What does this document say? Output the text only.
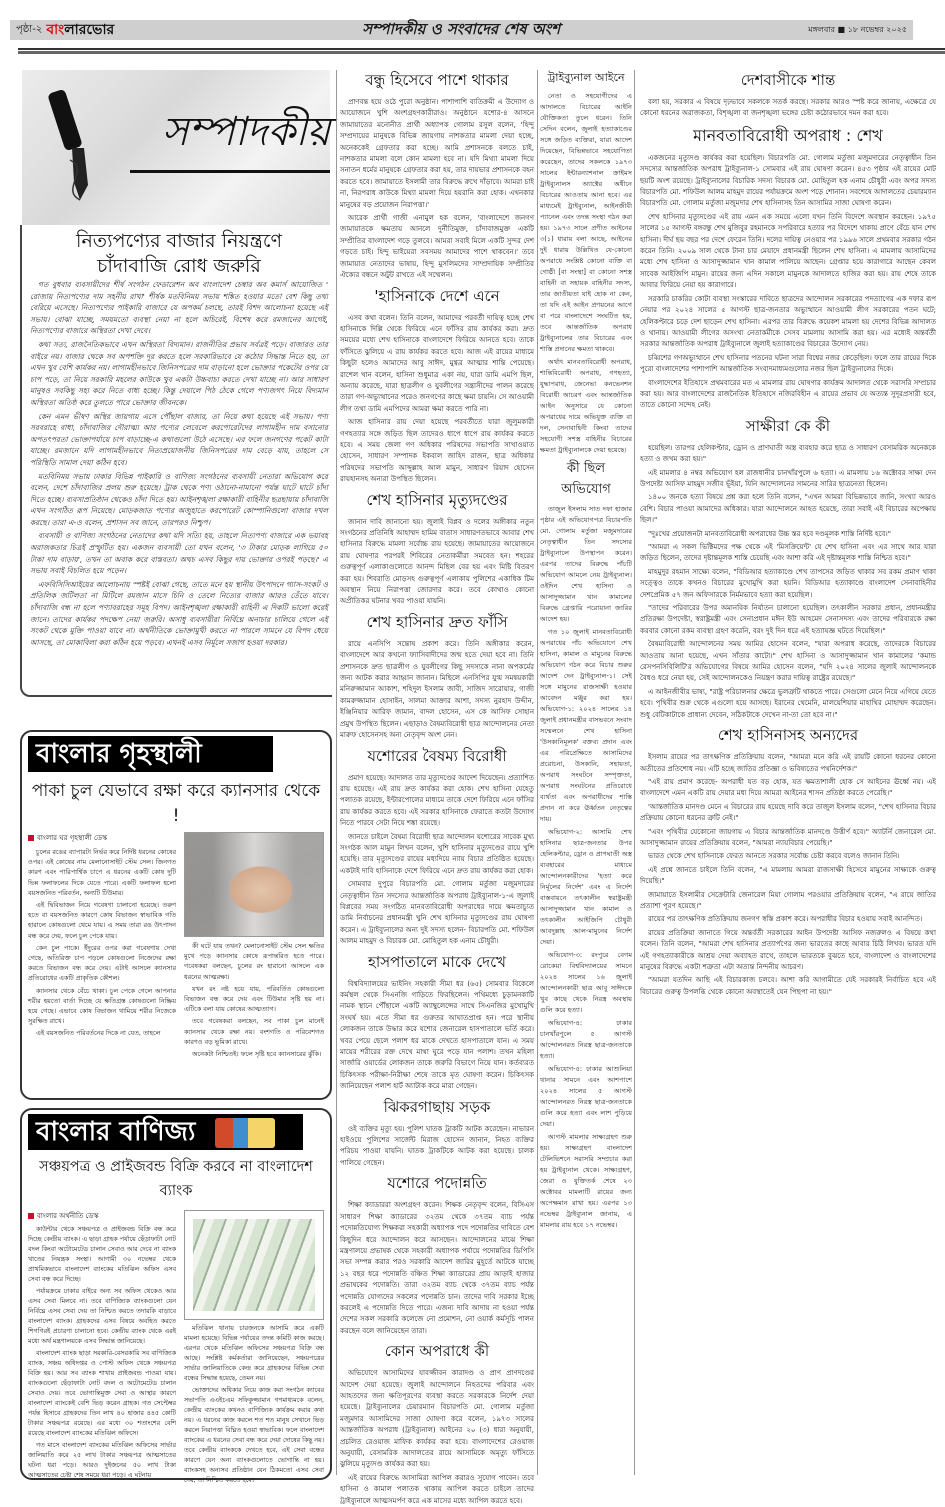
পৃষ্ঠা-২ বাংলারভোর	সম্পাদকীয় ও সংবাদের শেষ অংশ	মঙ্গলবার ■ ১৮ নভেম্বর ২০২৫
সম্পাদকীয়
নিত্যপণ্যের বাজার নিয়ন্ত্রণে
চাঁদাবাজি রোধ জরুরি

গত বুধবার ব্যবসায়ীদের শীর্ষ সংগঠন ফেডারেশন অব বাংলাদেশ চেম্বার অব কমার্স আয়োজিত ' রোজায় নিত্যপণ্যের দাম সহনীয় রাখা' শীর্ষক মতবিনিময় সভায় শঙ্কিত হওয়ার মতো বেশ কিছু তথ্য বেরিয়ে এসেছে। নিত্যপণ্যের পাইকারি বাজারে যে অপকর্ম চলছে, তারই বিশদ আলোচনা হয়েছে এই সভায়। বোঝা যাচ্ছে, সময়মতো ব্যবস্থা নেয়া না হলে অচিরেই, বিশেষ করে রমজানের আগেই, নিত্যপণ্যের বাজারে অস্থিরতা দেখা দেবে।

কথা সত্য, রাজনৈতিকভাবে এখন অস্থিরতা বিদ্যমান। রাজনীতির প্রভাব সর্বত্রই পড়ে। বাজারও তার বাইরে নয়। বাজার থেকে সব অপশক্তি দূর করতে হলে সরকারিভাবে যে কঠোর সিদ্ধান্ত নিতে হয়, তা এখন খুব বেশি কার্যকর নয়। লাগামহীনভাবে জিনিসপত্রের দাম বাড়ানো হলে ভোক্তার পকেটের ওপর যে চাপ পড়ে, তা নিয়ে সরকারি মহলের কাউকে খুব একটা উচ্চবাচ্য করতে দেখা যাচ্ছে না। আর সাধারণ মানুষও সবকিছু সহ্য করে নিতে বাধ্য হচ্ছে। কিন্তু দেয়ালে পিঠ ঠেকে গেলে পণ্যজগৎ নিয়ে বিদ্যমান অস্থিরতা অতিষ্ঠ করে তুলতে পারে ভোক্তার জীবনকে।

কেন এমন ভীষণ অস্থির জায়গায় এসে পৌঁছাল বাজার, তা নিয়ে কথা হয়েছে এই সভায়। পণ্য সরবরাহে বাধা, চাঁদাবাজির দৌরাত্ম্য আর পণ্যের লেবেলে করপোরেটদের লাগামহীন দাম বসানোর অপতৎপরতা ভোক্তাপর্যায়ে চাপ বাড়াচ্ছে-এ কথাগুলো উঠে এসেছে। এর ফলে জনগণের পকেট কাটা যাচ্ছে। রমজানে যদি লাগামহীনভাবে নিত্যপ্রয়োজনীয় জিনিসপত্রের দাম বেড়ে যায়, তাহলে সে পরিস্থিতি সামাল দেয়া কঠিন হবে।

মতবিনিময় সভায় ঢাকার বিভিন্ন পাইকারি ও বাণিজ্য সংগঠনের ব্যবসায়ী নেতারা অভিযোগ করে বলেন, দেশে চাঁদাবাজির প্রলয় শুরু হয়েছে। ট্রাক থেকে পণ্য ওঠানো-নামানো পর্যন্ত ঘাটে ঘাটে চাঁদা দিতে হচ্ছে। ব্যবসাপ্রতিষ্ঠান থেকেও চাঁদা দিতে হয়। আইনশৃঙ্খলা রক্ষাকারী বাহিনীর ছত্রছায়ায় চাঁদাবাজি এখন সংগঠিত রূপ নিয়েছে। মোড়কজাত পণ্যের অজুহাতে করপোরেট কোম্পানিগুলো বাজার দখল করছে। তারা এ-ও বলেন, প্রশাসন সব জানে, তারপরও নিশ্চুপ।

ব্যবসায়ী ও বাণিজ্য সংগঠনের নেতাদের কথা যদি সত্যি হয়, তাহলে নিত্যপণ্য বাজারে এক ভয়াবহ অরাজকতার চিত্রই প্রস্ফুটিত হয়। একজন ব্যবসায়ী তো যখন বলেন, '৩ টাকার মোড়ক লাগিয়ে ৫০ টাকা দাম বাড়ায়', তখন তা অবাক করে বাস্তবতা। অথচ এসব কিছুর দায় ভোক্তার ওপরই পড়ছে।' এ সভায় সবাই বিচলিত হয়ে পড়েন।

এফবিসিসিআইয়ের আলোচনায় স্পষ্টই বোঝা গেছে, তাতে মনে হয় স্থানীয় উৎপাদনে গ্যাস-সংকট ও প্রতিলিক জটিলতা না মিটিলে রমজান মাসে চিনি ও তেলে নিত্যের বাজার আরও তেঁতে যাবে। চাঁদাবাজি বন্ধ না হলে পণ্যাবরাহের সমূহ বিপদ। আইনশৃঙ্খলা রক্ষাকারী বাহিনী এ দিকটি ভালো করেই জানে। তাদের কার্যকর পদক্ষেপ নেয়া জরুরি। অসাধু ব্যবসায়ীরা নির্বিঘ্নে অনাচার চালিয়ে গেলে এই সংকট থেকে মুক্তি পাওয়া যাবে না। অর্থনীতিকে ভোক্তামুখী করতে না পারলে সামনে যে বিপদ ধেয়ে আসছে, তা মোকাবিলা করা কঠিন হয়ে পড়বে। এখনই এসব নির্মূলে সজাগ হওয়া দরকার।

বাংলার গৃহস্থালী
পাকা চুল যেভাবে রক্ষা করে ক্যানসার থেকে !
বাংলার ঘর গৃহস্থালী ডেস্ক

চুলের রঙের ব্যাপারটা নির্ভর করে নির্দিষ্ট ধরনের কোষের ওপর। এই কোষের নাম মেলানোসাইট স্টেম সেল। জিনগত কারণ এবং পারিপার্শ্বিক চাপে এ ধরনের একটি কোষ দুটি ভিন্ন ফলাফলের দিকে যেতে পারে। একটি ফলাফল হলো বয়সজনিত পরিবর্তন, অন্যটি টিউমার।

এই দ্বিবিভাজন নিয়ে গবেষণা চালানো হয়েছে। তরুণ হতে বা বয়সজনিত কারণে কোষ বিভাজন স্বাভাবিক গতি হারালে কোষগুলো থেমে যায়। এ সময় তারা রঙ উৎপাদন বন্ধ করে দেয়, ফলে চুল পেকে যায়।

কেন চুল পাকে। ইঁদুরের ওপর করা গবেষণায় দেখা গেছে, অতিরিক্ত চাপ পড়লে কোষগুলো নিজেদের রক্ষা করতে বিভাজন বন্ধ করে দেয়। এটাই আসলে ক্যানসার প্রতিরোধের একটি প্রাকৃতিক কৌশল।

ক্যানসার থেকে বেঁচে থাকা। চুল পেকে গেলে আপনার শরীর হয়তো বার্তা দিচ্ছে যে ক্ষতিগ্রস্ত কোষগুলো নিষ্ক্রিয় হয়ে গেছে। এভাবে কোষ বিভাজন থামিয়ে শরীর নিজেকে সুরক্ষিত রাখে।

এই বয়সজনিত পরিবর্তনের দিকে না যেত, তাহলে

কী ঘটে যায় তখন? মেলানোসাইট স্টেম সেল ক্ষতির মুখে পড়ে ক্যানসার কোষে রূপান্তরিত হতে পারে। গবেষকরা বলছেন, চুলের রং হারানো আসলে এক ধরনের আত্মরক্ষা।

যখন রং নষ্ট হয়ে যায়, পরিবর্তিত কোষগুলো বিভাজন বন্ধ করে দেয় এবং টিউমার সৃষ্টি হয় না। এটিকে বলা যায় কোষের আত্মত্যাগ।

তবে গবেষকরা বলছেন, সব পাকা চুল মানেই ক্যানসার থেকে রক্ষা নয়। বংশগতি ও পরিবেশগত কারণও বড় ভূমিকা রাখে।

অনেকটা নিশ্চিতই। ফলে সৃষ্টি হবে ক্যানসারের ঝুঁকি।

বাংলার বাণিজ্য
সঞ্চয়পত্র ও প্রাইজবন্ড বিক্রি করবে না বাংলাদেশ ব্যাংক
বাংলার অর্থনীতি ডেস্ক

কাউন্টার থেকে সঞ্চয়পত্র ও প্রাইজবন্ড বিক্রি বন্ধ করে দিচ্ছে কেন্দ্রীয় ব্যাংক। এ ছাড়া গ্রাহক পর্যায়ে ছেঁড়াফাটা নোট বদল কিংবা অটোমেটেড চালান সেবাও আর দেবে না ব্যাংক খাতের নিয়ন্ত্রক সংস্থা। আগামী ৩০ নভেম্বর থেকে প্রাথমিকভাবে বাংলাদেশ ব্যাংকের মতিঝিল অফিস এসব সেবা বন্ধ করে দিচ্ছে।

পর্যায়ক্রমে ঢাকার বাইরে অন্য সব অফিস থেকেও আর এসব সেবা মিলবে না। তবে বাণিজ্যিক ব্যাংকগুলো যেন নির্বিঘ্নে এসব সেবা দেয় তা নিশ্চিত করতে তদারকি বাড়াবে বাংলাদেশ ব্যাংক। গ্রাহকদের এসব বিষয়ে অবহিত করতে শিগগিরই প্রচারণা চালানো হবে। কেন্দ্রীয় ব্যাংক থেকে এরই মধ্যে অর্থ মন্ত্রণালয়কে এসব সিদ্ধান্ত জানিয়েছে।

বাংলাদেশ ব্যাংক ছাড়া সরকারি-বেসরকারি সব বাণিজ্যিক ব্যাংক, সঞ্চয় অধিদপ্তর ও পোস্ট অফিস থেকে সঞ্চয়পত্র বিক্রি হয়। আর সব ব্যাংক শাখায় প্রাইজবন্ড পাওয়া যায়। ব্যাংকগুলো ছেঁড়াফাটা নোট বদল ও অটোমেটেড চালান সেবাও দেয়। তবে ভোগান্তিমুক্ত সেবা ও আস্থার কারণে বাংলাদেশ ব্যাংকেই বেশি ভিড় করেন গ্রাহক। গত সেপ্টেম্বর পর্যন্ত হিসাবে গ্রাহকদের তিন লাখ ৪০ হাজার ৪৪৫ কোটি টাকার সঞ্চয়পত্র রয়েছে। এর মধ্যে ৩০ শতাংশের বেশি রয়েছে বাংলাদেশ ব্যাংকের মতিঝিল অফিসে।

গত মাসে বাংলাদেশ ব্যাংকের মতিঝিল অফিসের সার্ভার জালিয়াতি করে ২৫ লাখ টাকার সঞ্চয়পত্র আত্মসাতের ঘটনা ধরা পড়ে। আরও দুইজনের ৫০ লাখ টাকা আত্মসাতের চেষ্টা শেষ সময়ে ধরা পড়ে। এ ঘটনায়

মতিঝিল থানায় চারজনকে আসামি করে একটি মামলা হয়েছে। বিভিন্ন পর্যায়ের তদন্ত কমিটি কাজ করছে। এরপর থেকে মতিঝিল অফিসের সঞ্চয়পত্র বিক্রি বন্ধ আছে। সংশ্লিষ্ট কর্মকর্তারা জানিয়েছেন, সঞ্চয়পত্রের সার্ভার জালিয়াতিকে কেন্দ্র করে গ্রাহকদের বিভিন্ন সেবা বন্ধের সিদ্ধান্ত হয়েছে, তেমন নয়।

ভোক্তাদের অধিকার নিয়ে কাজ করা সংগঠন ক্যাবের সভাপতি এএইচএম সফিকুজ্জামান গণমাধ্যমকে বলেন, কেন্দ্রীয় ব্যাংকের কখনও বাণিজ্যিক কার্যক্রম করার কথা নয়। এ ধরনের কাজ করলে শত শত মানুষ সেখানে ভিড় করলে নিরাপত্তা বিঘ্নিত হওয়া স্বাভাবিক। ফলে বাংলাদেশ ব্যাংকের এ ধরনের সেবা বন্ধ করে দেয়া দোষের কিছু নয়। তবে কেন্দ্রীয় ব্যাংককে দেখতে হবে, এই সেবা বন্ধের কারণে যেন অন্য ব্যাংকগুলোতে ভোগান্তি না হয়। ব্যাংকসহ অন্যসব প্রতিষ্ঠান যেন ঠিকমতো এসব সেবা দেয়, তা নিশ্চিত করতে হবে।

বন্ধু হিসেবে পাশে থাকার

প্রাণবন্ত হয়ে ওঠে পুরো অনুষ্ঠান। পাশাপাশি ব্যতিক্রমী এ উদ্যোগ ও আয়োজনে খুশি অংশগ্রহণকারীরাও। অনুষ্ঠানে যশোর-৪ আসনে জামায়াতের মনোনীত প্রার্থী অধ্যাপক গোলাম রসুল বলেন, 'হিন্দু সম্প্রদায়ের মানুষকে বিভিন্ন জায়গায় নাশকতার মামলা দেয়া হচ্ছে, অনেককেই গ্রেফতার করা হচ্ছে। আমি প্রশাসনকে বলতে চাই, নাশকতার মামলা বলে কোন মামলা হবে না। যদি মিথ্যা মামলা দিয়ে সনাতন ধর্মের মানুষকে গ্রেফতার করা হয়, তার দায়ভার প্রশাসনকে বহন করতে হবে। জামায়াতে ইসলামী তার বিরুদ্ধে রুখে দাঁড়াবে। আমরা চাই না, নিরপরাধ কাউকে মিথ্যা মামলা দিয়ে হয়রানি করা হোক। এখনকার মানুষের বড় প্রয়োজন নিরাপত্তা।'

আরেক প্রার্থী গাজী এনামুল হক বলেন, 'বাংলাদেশে জনগণ জামায়াতকে ক্ষমতায় আনলে দুর্নীতিমুক্ত, চাঁদাবাজমুক্ত একটি সম্প্রীতির বাংলাদেশ গড়ে তুলবে। আমরা সবাই মিলে একটি সুন্দর দেশ গড়তে চাই। হিন্দু ভাইয়েরা সবসময় আমাদের পাশে থাকবেন।' তবে জামায়াত নেতাদের ভাষায়, হিন্দু মুসলিমদের সাম্প্রদায়িক সম্প্রীতির ঐক্যের বন্ধনে অটুট রাখতে এই সম্মেলন।

'হাসিনাকে দেশে এনে

এসব কথা বলেন। তিনি বলেন, আমাদের পরবর্তী দায়িত্ব হচ্ছে শেখ হাসিনাকে দিল্লি থেকে ফিরিয়ে এনে ফাঁসির রায় কার্যকর করা। দ্রুত সময়ের মধ্যে শেখ হাসিনাকে বাংলাদেশে ফিরিয়ে আনতে হবে। তাকে ফাঁসিতে ঝুলিয়ে এ রায় কার্যকর করতে হবে। আজ এই রায়ের মাধ্যমে কিছুটা হলেও আমাদের আবু সাঈদ, মুগ্ধর আত্মার শান্তি পেয়েছে। রাশেল খান বলেন, হাসিনা শুধুমাত্র একা নয়, যারা ডামি এমপি ছিল, অন্যায় করেছে, যারা ছাত্রলীগ ও যুবলীগের সন্ত্রাসীদের পালন করেছে তারা গণ-অভ্যুত্থানের পরেও জনগণের কাছে ক্ষমা চায়নি। সে আওয়ামী লীগ তথা ডামি এমপিদের আমরা ক্ষমা করতে পারি না।

আজ হাসিনার রায় দেয়া হয়েছে পরবর্তীতে যারা জুলুমকারী গণহত্যার সঙ্গে জড়িত ছিল তাদেরও ধাপে ধাপে রায় কার্যকর করতে হবে। এ সময় জেলা গণ অধিকার পরিষদের সভাপতি সাখাওয়াত হোসেন, সাধারণ সম্পাদক ইকবাল জাহিদ রাজন, ছাত্র অধিকার পরিষদের সভাপতি আব্দুল্লাহ আল মামুন, সাধারণ রিয়াদ হোসেন রায়হানসহ অন্যরা উপস্থিত ছিলেন।

শেখ হাসিনার মৃত্যুদণ্ডের

জানান দাবি জানানো হয়। জুলাই বিপ্লব ও দলের অঙ্গীকার নতুন সংগঠনের প্রতিনিধি আহাম্মদ হামিম বাতাস সাধারণতভাবে আবার শেখ হাসিনার বিরুদ্ধে মামলা সর্বোচ্চ রায় হয়েছে। জামায়াতের আয়োজনে রায় ঘোষণার পরপরই শিবিরের নেতাকর্মীরা সমবেত হন। শহরের গুরুত্বপূর্ণ এলাকাগুলোতে আনন্দ মিছিল বের হয় এবং মিষ্টি বিতরণ করা হয়। শিবরাতি মোড়সহ গুরুত্বপূর্ণ এলাকায় পুলিশের একাধিক টিম অবস্থান নিয়ে নিরাপত্তা জোরদার করে। তবে কোথাও কোনো অপ্রীতিকর ঘটনার খবর পাওয়া যায়নি।

শেখ হাসিনার দ্রুত ফাঁসি

রায়ে এনসিপি সন্তোষ প্রকাশ করে। তিনি অঙ্গীকার করেন, বাংলাদেশে আর কখনো ফ্যাসিবাদীদের জন্ম হতে দেয়া হবে না। তিনি প্রশাসনকে দ্রুত ছাত্রলীগ ও যুবলীগের কিছু সদস্যকে নানা অপকর্মের জন্য আটক করার আহ্বান জানান। মিছিলে এনসিপির যুগ্ম সমন্বয়কারী মনিরুজ্জামান আকাশ, শহিদুল ইসলাম জাবী, সাজিদ সারোয়ার, গাজী কামরুজ্জামান হোসাইন, সালমা আক্তার আশা, সদস্য নুরহাদ উদ্দীন, ইঞ্জিনিয়ার আরিফ জামান, বাদল হোসেন, এস কে আসিফ সোহান প্রমুখ উপস্থিত ছিলেন। এছাড়াও বৈষম্যবিরোধী ছাত্র আন্দোলনের নেতা মারুফ হোসেনসহ অন্য নেতৃবৃন্দ অংশ নেন।

যশোরের বৈষম্য বিরোধী

প্রমাণ হয়েছে। আদালত তার মৃত্যুদণ্ডের আদেশ দিয়েছেন। প্রত্যাশিত রায় হয়েছে। এই রায় দ্রুত কার্যকর করা হোক। শেখ হাসিনা যেহেতু পলাতক রয়েছে, ইন্টারপোলের মাধ্যমে তাকে দেশে ফিরিয়ে এনে ফাঁসির রায় কার্যকর করতে হবে। এই সরকার হাসিনাকে ফেরাতে কতটা উদ্যোগ নিতে পারবে সেটা নিয়ে শঙ্কা রয়েছে।

জানতে চাইলে বৈষম্য বিরোধী ছাত্র আন্দোলন যশোরের সাবেক মুখ্য সংগঠক আল মামুন লিখন বলেন, খুশি হাসিনার মৃত্যুদণ্ডের রায়ে খুশি হয়েছি। তার মৃত্যুদণ্ডের রায়ের মধ্যদিয়ে ন্যায় বিচার প্রতিষ্ঠিত হয়েছে। একটাই দাবি হাসিনাকে দেশে ফিরিয়ে এনে দ্রুত রায় কার্যকর করা হোক।

সোমবার দুপুরে বিচারপতি মো. গোলাম মর্তুজা মজুমদারের নেতৃত্বাধীন তিন সদস্যের আন্তর্জাতিক অপরাধ ট্রাইব্যুনাল-১-এ জুলাই বিপ্লবের সময় সংগঠিত মানবতাবিরোধী অপরাধের দায়ে ক্ষমতাচ্যুত ডামি নির্বাচনের প্রধানমন্ত্রী খুনি শেখ হাসিনার মৃত্যুদণ্ডের রায় ঘোষণা করেন। এ ট্রাইব্যুনালের অন্য দুই সদস্য হলেন- বিচারপতি মো. শফিউল আলম মাহমুদ ও বিচারক মো. মোহিতুল হক এনাম চৌধুরী।

হাসপাতালে মাকে দেখে

বিশ্ববিদ্যালয়ের ভাইনিং সহকারী সীমা ধর (৬৫) সোমবার বিকেলে কর্মস্থল থেকে সিএনজি গাড়িতে ফিরছিলেন। পথিমধ্যে চুড়ামনকাটি নামক স্থানে পৌঁছালে একটি অ্যাম্বুলেন্সের সাথে সিএনজির মুখোমুখি সংঘর্ষ হয়। এতে সীমা ধর গুরুতর আঘাতপ্রাপ্ত হন। পরে স্থানীয় লোকজন তাকে উদ্ধার করে যশোর জেনারেল হাসপাতালে ভর্তি করে। খবর পেয়ে ছেলে পলাশ ধর মাকে দেখতে হাসপাতালে যান। এ সময় মায়ের শরীরের রক্ত দেখে মাথা ঘুরে পড়ে যান পলাশ। তখন মহিলা সার্জারি ওয়ার্ডের লোকজন তাকে জরুরি বিভাগে নিয়ে যান। কর্তব্যরত চিকিৎসক পরীক্ষা-নিরীক্ষা শেষে তাকে মৃত ঘোষণা করেন। চিকিৎসক জানিয়েছেন পলাশ হার্ট অ্যাটাক করে মারা গেছেন।

ঝিকরগাছায় সড়ক

ওই ব্যক্তির মৃত্যু হয়। পুলিশ ঘাতক ট্রাকটি আটক করেছেন। নাভারন হাইওয়ে পুলিশের সার্জেন্ট মিরাজ হোসেন জানান, নিহত ব্যক্তির পরিচয় পাওয়া যায়নি। ঘাতক ট্রাকটিকে আটক করা হয়েছে। চালক পালিয়ে গেছেন।

যশোরে পদোন্নতি

শিক্ষা ক্যাডাররা অংশগ্রহণ করেন। শিক্ষক নেতৃবৃন্দ বলেন, বিসিএস সাধারণ শিক্ষা ক্যাডারের ৩২তম থেকে ৩৭তম ব্যাচ পর্যন্ত পদোন্নতিযোগ্য শিক্ষকরা সহকারী অধ্যাপক পদে পদোন্নতির দাবিতে বেশ কিছুদিন ধরে আন্দোলন করে আসছেন। আন্দোলনের মাঝে শিক্ষা মন্ত্রণালয়ে প্রভাষক থেকে সহকারী অধ্যাপক পর্যায়ে পদোন্নতির ডিপিসি সভা সম্পন্ন করার পরও সরকারি আদেশ জারির মুহূর্তে আটকে যাচ্ছে ১২ বছর ধরে পদোন্নতি বঞ্চিত শিক্ষা ক্যাডারের প্রায় আড়াই হাজার প্রভাষকের পদোন্নতি। তারা ৩২তম ব্যাচ থেকে ৩৭তম ব্যাচ পর্যন্ত পদোন্নতি যোগ্যদের সকলের পদোন্নতি চান। তাদের দাবি সরকার ইচ্ছে করলেই এ পদোন্নতি দিতে পারে। এজন্য দাবি আদায় না হওয়া পর্যন্ত দেশের সকল সরকারি কলেজে নো প্রমোশন, নো ওয়ার্ক কর্মসূচি পালন করছেন বলে জানিয়েছেন তারা।

কোন অপরাধে কী

অভিযোগে আসামিদের যাবজ্জীবন কারাদণ্ড ও প্রাণ প্রাণদণ্ডের আদেশ দেয়া হয়েছে। জুলাই আন্দোলনে নিহতদের পরিবার এবং আহতদের জন্য ক্ষতিপূরণের ব্যবস্থা করতে সরকারকে নির্দেশ দেয়া হয়েছে। ট্রাইব্যুনালের চেয়ারম্যান বিচারপতি মো. গোলাম মর্তুজা মজুমদার আসামিদের সাজা ঘোষণা করে বলেন, ১৯৭৩ সালের আন্তর্জাতিক অপরাধ (ট্রাইব্যুনাল) আইনের ২০ (৩) ধারা অনুযায়ী, প্রচলিত রেওয়াজ মাফিক কার্যকর করা হবে। বাংলাদেশের রেওয়াজ অনুযায়ী, বেসামরিক আদালতের রায়ে আসামিকে অমৃত্যু ফাঁসিতে ঝুলিয়ে মৃত্যুদণ্ড কার্যকর করা হয়।

এই রায়ের বিরুদ্ধে আসামিরা আপিল করারও সুযোগ পাবেন। তবে হাসিনা ও কামাল পলাতক থাকায় আপিল করতে চাইলে তাদের ট্রাইব্যুনালে আত্মসমর্পণ করে এক মাসের মধ্যে আপিল করতে হবে।

ট্রাইব্যুনাল আইনে

নেতা ও সহযোগীদের এ আদালতে বিচারের আইনি যৌক্তিকতা তুলে ধরেন। তিনি সেদিন বলেন, জুলাই হত্যাকাণ্ডের সঙ্গে জড়িত ব্যক্তিরা, যারা আদেশ দিয়েছেন, বিভিন্নভাবে সহযোগিতা করেছেন, তাদের সকলকে ১৯৭৩ সালের ইন্টারন্যাশনাল ক্রাইমস ট্রাইব্যুনালস অ্যাক্টের অধীনে বিচারের আওতায় আনা হবে। এর মাধ্যমেই ট্রাইব্যুনাল, আইনজীবী প্যানেল এবং তদন্ত সংস্থা গঠন করা হয়। ১৯৭৩ সালে প্রণীত আইনের ৩(১) ধারায় বলা আছে, আইনের দুই ধারায় উল্লিখিত যে-কোনো অপরাধে সংশ্লিষ্ট কোনো ব্যক্তি বা গোষ্ঠী [বা সংস্থা] বা কোনো সশস্ত্র বাহিনী বা সহায়ক বাহিনীর সদস্য, তার জাতীয়তা যাই হোক না কেন, তা যদি এই আইন প্রণয়নের আগে বা পরে বাংলাদেশে সংঘটিত হয়, তবে আন্তর্জাতিক অপরাধ ট্রাইব্যুনালের তার বিচারের এবং শাস্তি প্রদানের ক্ষমতা থাকবে।

অর্থাৎ মানবতাবিরোধী অপরাধ, শান্তিবিরোধী অপরাধ, গণহত্যা, যুদ্ধাপরাধ, জেনেভা কনভেনশন বিরোধী আচরণ এবং আন্তর্জাতিক আইন অনুসারে যে কোনো অপরাধের দায়ে অভিযুক্ত ব্যক্তি বা দল, সেনাবাহিনী কিংবা তাদের সহযোগী সশস্ত্র বাহিনীর বিচারের ক্ষমতা ট্রাইব্যুনালকে দেয়া হয়েছে।

কী ছিল অভিযোগ

তাজুল ইসলাম সাত দফা হাজার পৃষ্ঠার এই অভিযোগপত্র বিচারপতি মো. গোলাম মর্তুজা মজুমদারের নেতৃত্বাধীন তিন সদস্যের ট্রাইব্যুনালে উপস্থাপন করেন। এরপর তাদের বিরুদ্ধে পাঁচটি অভিযোগ আমলে নেয় ট্রাইব্যুনাল। ওইদিন শেখ হাসিনা ও আসাদুজ্জামান খান কামালের বিরুদ্ধে গ্রেপ্তারি পরোয়ানা জারির আদেশ হয়।

গত ১০ জুলাই মানবতাবিরোধী অপরাধের পাঁচ অভিযোগে শেখ হাসিনা, কামাল ও মামুনের বিরুদ্ধে অভিযোগ গঠন করে বিচার শুরুর আদেশ দেন ট্রাইব্যুনাল-১। সেই সঙ্গে মামুনের রাজসাক্ষী হওয়ার আবেদন মঞ্জুর করা হয়। অভিযোগ-১: ২০২৪ সালের ১৪ জুলাই প্রধানমন্ত্রীর বাসভবনে সংবাদ সম্মেলনে শেখ হাসিনা 'উসকানিমূলক' বক্তব্য প্রদান এবং এর পরিপ্রেক্ষিতে আসামিদের প্ররোচনা, উসকানি, সহায়তা, অপরাধ সংঘটনে সম্পৃক্ততা, অপরাধ সংঘটনের প্রতিরোধে ব্যর্থতা এবং অপরাধীদের শাস্তি প্রদান না করে ঊর্ধ্বতন নেতৃত্বের দায়।

অভিযোগ-২: আসামি শেখ হাসিনার ছাত্র-জনতার উপর হেলিকপ্টার, ড্রোন ও প্রাণঘাতী অস্ত্র ব্যবহারের মাধ্যমে আন্দোলনকারীদের 'হত্যা করে নির্মূলের নির্দেশ' এবং এ নির্দেশ বাস্তবায়নে তৎকালীন স্বরাষ্ট্রমন্ত্রী আসাদুজ্জামান খান কামাল ও তৎকালীন আইজিপি চৌধুরী আবদুল্লাহ আল-মামুনের নির্দেশ দেয়া।

অভিযোগ-৩: রংপুরে বেগম রোকেয়া বিশ্ববিদ্যালয়ের সামনে ২০২৪ সালের ১৬ জুলাই আন্দোলনকারী ছাত্র আবু সাঈদকে খুব কাছে থেকে নিরস্ত্র অবস্থায় গুলি করে হত্যা।

অভিযোগ-৪: ঢাকার চানখাঁরপুলে ৫ আগস্ট আন্দোলনরত নিরস্ত্র ছাত্র-জনতাকে হত্যা।

অভিযোগ-৫: ঢাকার আশুলিয়া থানার সামনে এবং আশপাশে ২০২৪ সালের ৫ আগস্ট আন্দোলনরত নিরস্ত্র ছাত্র-জনতাকে গুলি করে হত্যা এবং লাশ পুড়িয়ে দেয়া।

আগস্ট মামলার সাক্ষ্যগ্রহণ শুরু হয়। সাক্ষ্যগ্রহণ বাংলাদেশ টেলিভিশনে সরাসরি সম্প্রচার করা হয় ট্রাইব্যুনাল থেকে। সাক্ষ্যগ্রহণ, জেরা ও যুক্তিতর্ক শেষে ২৩ অক্টোবর মামলাটি রায়ের জন্য অপেক্ষমান রাখা হয়। এরপর ১৩ নভেম্বর ট্রাইব্যুনাল জানায়, এ মামলার রায় হবে ১৭ নভেম্বর।

দেশবাসীকে শান্ত

বলা হয়, সরকার এ বিষয়ে দৃঢ়ভাবে সকলকে সতর্ক করছে। সরকার আরও স্পষ্ট করে জানায়, এক্ষেত্রে যে কোনো ধরনের অরাজকতা, বিশৃঙ্খলা বা জনশৃঙ্খলা ভঙ্গের চেষ্টা কঠোরভাবে দমন করা হবে।

মানবতাবিরোধী অপরাধ : শেখ

একজনের মৃত্যুদণ্ড কার্যকর করা হয়েছিল। বিচারপতি মো. গোলাম মর্তুজা মজুমদারের নেতৃত্বাধীন তিন সদস্যের আন্তর্জাতিক অপরাধ ট্রাইব্যুনাল-১ সোমবার এই রায় ঘোষণা করেন। ৪৫৩ পৃষ্ঠার এই রায়ের মোট ছয়টি অংশ রয়েছে। ট্রাইব্যুনালের বিচারিক সদস্য বিচারক মো. মোহিতুল হক এনাম চৌধুরী এবং অপর সদস্য বিচারপতি মো. শফিউল আলম মাহমুদ রায়ের পর্যায়ক্রমে অংশ পড়ে শোনান। সবশেষে আদালতের চেয়ারম্যান বিচারপতি মো. গোলাম মর্তুজা মজুমদার শেখ হাসিনাসহ তিন আসামির সাজা ঘোষণা করেন।

শেখ হাসিনার মৃত্যুদণ্ডের এই রায় এমন এক সময়ে এলো যখন তিনি বিদেশে অবস্থান করছেন। ১৯৭৫ সালের ১৫ আগস্ট বঙ্গবন্ধু শেখ মুজিবুর রহমানকে সপরিবারে হত্যার পর বিদেশে থাকায় প্রাণে বেঁচে যান শেখ হাসিনা। দীর্ঘ ছয় বছর পর দেশে ফেরেন তিনি। দলের দায়িত্ব নেওয়ার পর ১৯৯৬ সালে প্রথমবার সরকার গঠন করেন তিনি। ২০০৯ সাল থেকে টানা চার মেয়াদে প্রধানমন্ত্রী ছিলেন শেখ হাসিনা। এ মামলায় আসামিদের মধ্যে শেখ হাসিনা ও আসাদুজ্জামান খান কামাল পালিয়ে আছেন। গ্রেপ্তার হয়ে কারাগারে আছেন কেবল সাবেক আইজিপি মামুন। রায়ের জন্য এদিন সকালে মামুনকে আদালতে হাজির করা হয়। রায় শেষে তাকে আবার ফিরিয়ে নেয়া হয় কারাগারে।

সরকারি চাকরির কোটা ব্যবস্থা সংস্কারের দাবিতে ছাত্রদের আন্দোলন সরকারের পদত্যাগের এক দফার রূপ নেয়ার পর ২০২৪ সালের ৫ আগস্ট ছাত্র-জনতার অভ্যুত্থানে আওয়ামী লীগ সরকারের পতন ঘটে; হেলিকপ্টারে চড়ে দেশ ছাড়েন শেখ হাসিনা। এরপর তার বিরুদ্ধে কয়েকশ মামলা হয় দেশের বিভিন্ন আদালত ও থানায়। আওয়ামী লীগের অসংখ্য নেতাকর্মীকে সেসব মামলায় আসামি করা হয়। এর মধ্যেই অন্তর্বর্তী সরকার আন্তর্জাতিক অপরাধ ট্রাইব্যুনালে জুলাই হত্যাকাণ্ডের বিচারের উদ্যোগ নেয়।

চব্বিশের গণঅভ্যুত্থানে শেখ হাসিনার পতনের ঘটনা সারা বিশ্বের নজর কেড়েছিল। ফলে তার রায়ের দিকে পুরো বাংলাদেশের পাশাপাশি আন্তর্জাতিক সংবাদমাধ্যমগুলোর নজর ছিল ট্রাইব্যুনালের দিকে।

বাংলাদেশের ইতিহাসে প্রথমবারের মত এ মামলার রায় ঘোষণার কার্যক্রম আদালত থেকে সরাসরি সম্প্রচার করা হয়। আর বাংলাদেশের রাজনৈতিক ইতিহাসে নজিরবিহীন এ রায়ের প্রভাব যে অত্যন্ত সুদূরপ্রসারী হবে, তাতে কোনো সন্দেহ নেই।

সাক্ষীরা কে কী

হয়েছিল। তারপর হেলিকপ্টার, ড্রোন ও প্রাণঘাতী অস্ত্র ব্যবহার করে ছাত্র ও সাধারণ বেসামরিক অনেককে হত্যা ও জখম করা হয়।"

এই মামলার ৪ নম্বর অভিযোগ হল রাজধানীর চানখাঁরপুলে ৬ হত্যা। এ মামলায় ১৬ অক্টোবর সাক্ষ্য দেন উপদেষ্টা আসিফ মাহমুদ সজীব ভূঁইয়া, যিনি আন্দোলনের সামনের সারির ছাত্রনেতা ছিলেন।

১৪০০ জনকে হত্যা বিষয়ে প্রশ্ন করা হলে তিনি বলেন, "এখন আমরা বিভিন্নভাবে জানি, সংখ্যা আরও বেশি। বিচার পাওয়া আমাদের অধিকার। যারা আন্দোলনে আহত হয়েছে, তারা সবাই এই বিচারের অপেক্ষায় ছিল।"

"দুঃখের প্রয়োজনটা মানবতাবিরোধী অপরাধের উচ্চ স্তর হবে দণ্ডমূলক শাস্তি নির্দিষ্ট হবে।"

"আমরা এ সকল ভিক্টিমদের পক্ষ থেকে এই 'মিসক্রিয়েন্ট' যে শেখ হাসিনা এবং এর সাথে আর যারা জড়িত ছিলেন, তাদের দৃষ্টান্তমূলক শাস্তি চেয়েছি এবং আশা করি এই দৃষ্টান্তমূলক শাস্তি নিশ্চিত হবে।"

মাহমুদুর রহমান সাক্ষ্যে বলেন, "বিডিআর হত্যাকাণ্ডে শেখ তাপসের জড়িত থাকার সব রকম প্রমাণ থাকা সত্ত্বেও তাকে কখনও বিচারের মুখোমুখি করা হয়নি। বিডিআর হত্যাকাণ্ডে বাংলাদেশ সেনাবাহিনীর দেশপ্রেমিক ৫৭ জন অফিসারকে নির্মমভাবে হত্যা করা হয়েছিল।

"তাদের পরিবারের উপর অমানবিক নির্যাতন চালানো হয়েছিল। তৎকালীন সরকার প্রধান, প্রধানমন্ত্রীর প্রতিরক্ষা উপদেষ্টা, স্বরাষ্ট্রমন্ত্রী এবং সেনাপ্রধান মঈন ইউ আহমেদ সেনাসদস্য এবং তাদের পরিবারকে রক্ষা করবার কোনো রকম ব্যবস্থা গ্রহণ করেনি, বরং দুই দিন ধরে এই হত্যাযজ্ঞ ঘটতে দিয়েছিল।"

বৈষম্যবিরোধী আন্দোলনের সময় আমির হোসেন বলেন, "যারা অপরাধ করেছে, তাদেরকে বিচারের আওতায় আনা হয়েছে, এখন সাঁতার কাটো।" শেখ হাসিনা ও আসাদুজ্জামান খান কামালের 'কমান্ড রেসপনসিবিলিটি'র অভিযোগের বিষয়ে আমির হোসেন বলেন, "যদি ২০২৪ সালের জুলাই আন্দোলনকে বৈধও ধরে নেয়া হয়, সেই আন্দোলনকেও নিয়ন্ত্রণ করার দায়িত্ব রাষ্ট্রের রয়েছে।"

এ আইনজীবীর ভাষ্য, "রাষ্ট্র পরিচালনার ক্ষেত্রে ভুলত্রুটি থাকতে পারে। সেগুলো মেনে নিয়ে এগিয়ে যেতে হবে। পৃথিবীর শুরু থেকে এগুলো হয়ে আসছে। ইরানের থেমেনি, মালয়েশিয়ার মাহাথির মোহাম্মদ করেছেন। শুধু বেটিকাটাকে প্রাধান্য দেবেন, সঠিকটাকে দেখেন না-তা তো হবে না।"

শেখ হাসিনাসহ অন্যদের

ইসলাম রায়ের পর তাৎক্ষণিক প্রতিক্রিয়ায় বলেন, "আমরা মনে করি এই রায়টি কোনো ধরনের কোনো অতীতের প্রতিশোধ নয়। এটি হচ্ছে জাতির প্রতিজ্ঞা ও ভবিষ্যতের পথনির্দেশক।"

"এই রায় প্রমাণ করেছে- অপরাধী যত বড় হোক, যত ক্ষমতাশালী হোক সে আইনের ঊর্ধ্বে নয়। এই বাংলাদেশে এমন একটি রায় দেয়ার মধ্য দিয়ে আমরা আইনের শাসন প্রতিষ্ঠা করতে পেরেছি।"

'আন্তর্জাতিক মানদণ্ড মেনে এ বিচারের রায় হয়েছে দাবি করে তাজুল ইসলাম বলেন, "শেখ হাসিনার বিচার প্রক্রিয়ায় কোনো ধরনের ত্রুটি নেই।"

"এবং পৃথিবীর যেকোনো জায়গায় এ বিচার আন্তর্জাতিক মানদণ্ডে উত্তীর্ণ হবে।" অ্যাটর্নি জেনারেল মো. আসাদুজ্জামান রায়ের প্রতিক্রিয়ায় বলেন, "আমরা ন্যায়বিচার পেয়েছি।"

ভারত থেকে শেখ হাসিনাকে ফেরত আনতে সরকার সর্বোচ্চ চেষ্টা করবে বলেও জানান তিনি।

এই প্রশ্নে জানতে চাইলে তিনি বলেন, "এ মামলায় আমরা রাজসাক্ষী হিসেবে মামুনের সাক্ষ্যকে গুরুত্ব দিয়েছি।"

জামায়াতে ইসলামীর সেক্রেটারি জেনারেল মিয়া গোলাম পরওয়ার প্রতিক্রিয়ায় বলেন, "এ রায়ে জাতির প্রত্যাশা পূরণ হয়েছে।"

রায়ের পর তাৎক্ষণিক প্রতিক্রিয়ায় জনগণ স্বস্তি প্রকাশ করে। অপরাধীর বিচার হওয়ায় সবাই আনন্দিত।

রায়ের প্রতিক্রিয়া জানাতে গিয়ে অন্তর্বর্তী সরকারের আইন উপদেষ্টা আসিফ নজরুলও এ বিষয়ে কথা বলেন। তিনি বলেন, "আমরা শেখ হাসিনার প্রত্যার্পণের জন্য ভারতের কাছে আবার চিঠি লিখব। ভারত যদি এই গণহত্যাকারীকে আশ্রয় দেয়া অব্যাহত রাখে, তাহলে ভারতকে বুঝতে হবে, বাংলাদেশ ও বাংলাদেশের মানুষের বিরুদ্ধে একটা শত্রুতা এটা অত্যন্ত নিন্দনীয় আচরণ।

"আমরা যতদিন আছি এই বিচারকাজ চলবে। আশা করি আগামীতে যেই সরকারই নির্বাচিত হবে এই বিচারের গুরুত্ব উপলব্ধি থেকে কোনো অবস্থাতেই যেন পিছপা না হয়।"
